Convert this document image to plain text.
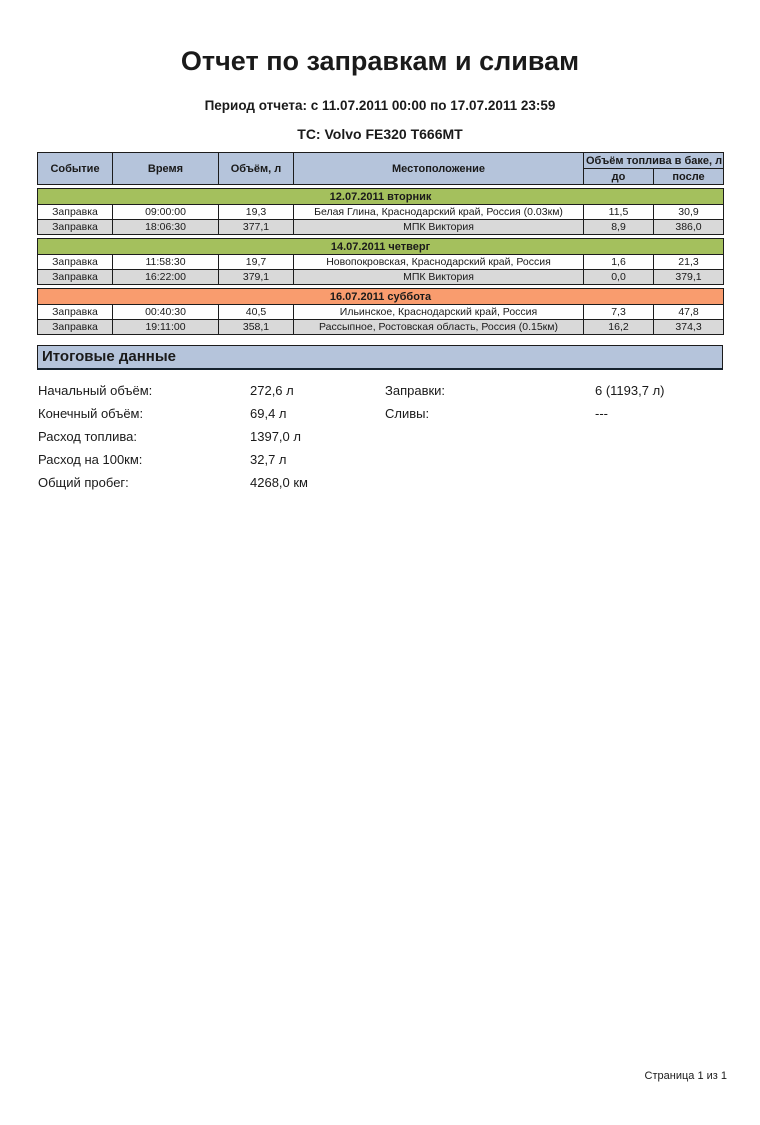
Отчет по заправкам и сливам
Период отчета: с 11.07.2011 00:00 по 17.07.2011 23:59
ТС: Volvo FE320 Т666МТ
Событие	Время	Объём, л	Местоположение	Объём топлива в баке, л	
				до	после
12.07.2011 вторник					
Заправка	09:00:00	19,3	Белая Глина, Краснодарский край, Россия (0.03км)	11,5	30,9
Заправка	18:06:30	377,1	МПК Виктория	8,9	386,0
14.07.2011 четверг					
Заправка	11:58:30	19,7	Новопокровская, Краснодарский край, Россия	1,6	21,3
Заправка	16:22:00	379,1	МПК Виктория	0,0	379,1
16.07.2011 суббота					
Заправка	00:40:30	40,5	Ильинское, Краснодарский край, Россия	7,3	47,8
Заправка	19:11:00	358,1	Рассыпное, Ростовская область, Россия (0.15км)	16,2	374,3
Итоговые данные
Начальный объём:	272,6 л	Заправки:	6 (1193,7 л)
Конечный объём:	69,4 л	Сливы:	---
Расход топлива:	1397,0 л
Расход на 100км:	32,7 л
Общий пробег:	4268,0 км
Страница 1 из 1
